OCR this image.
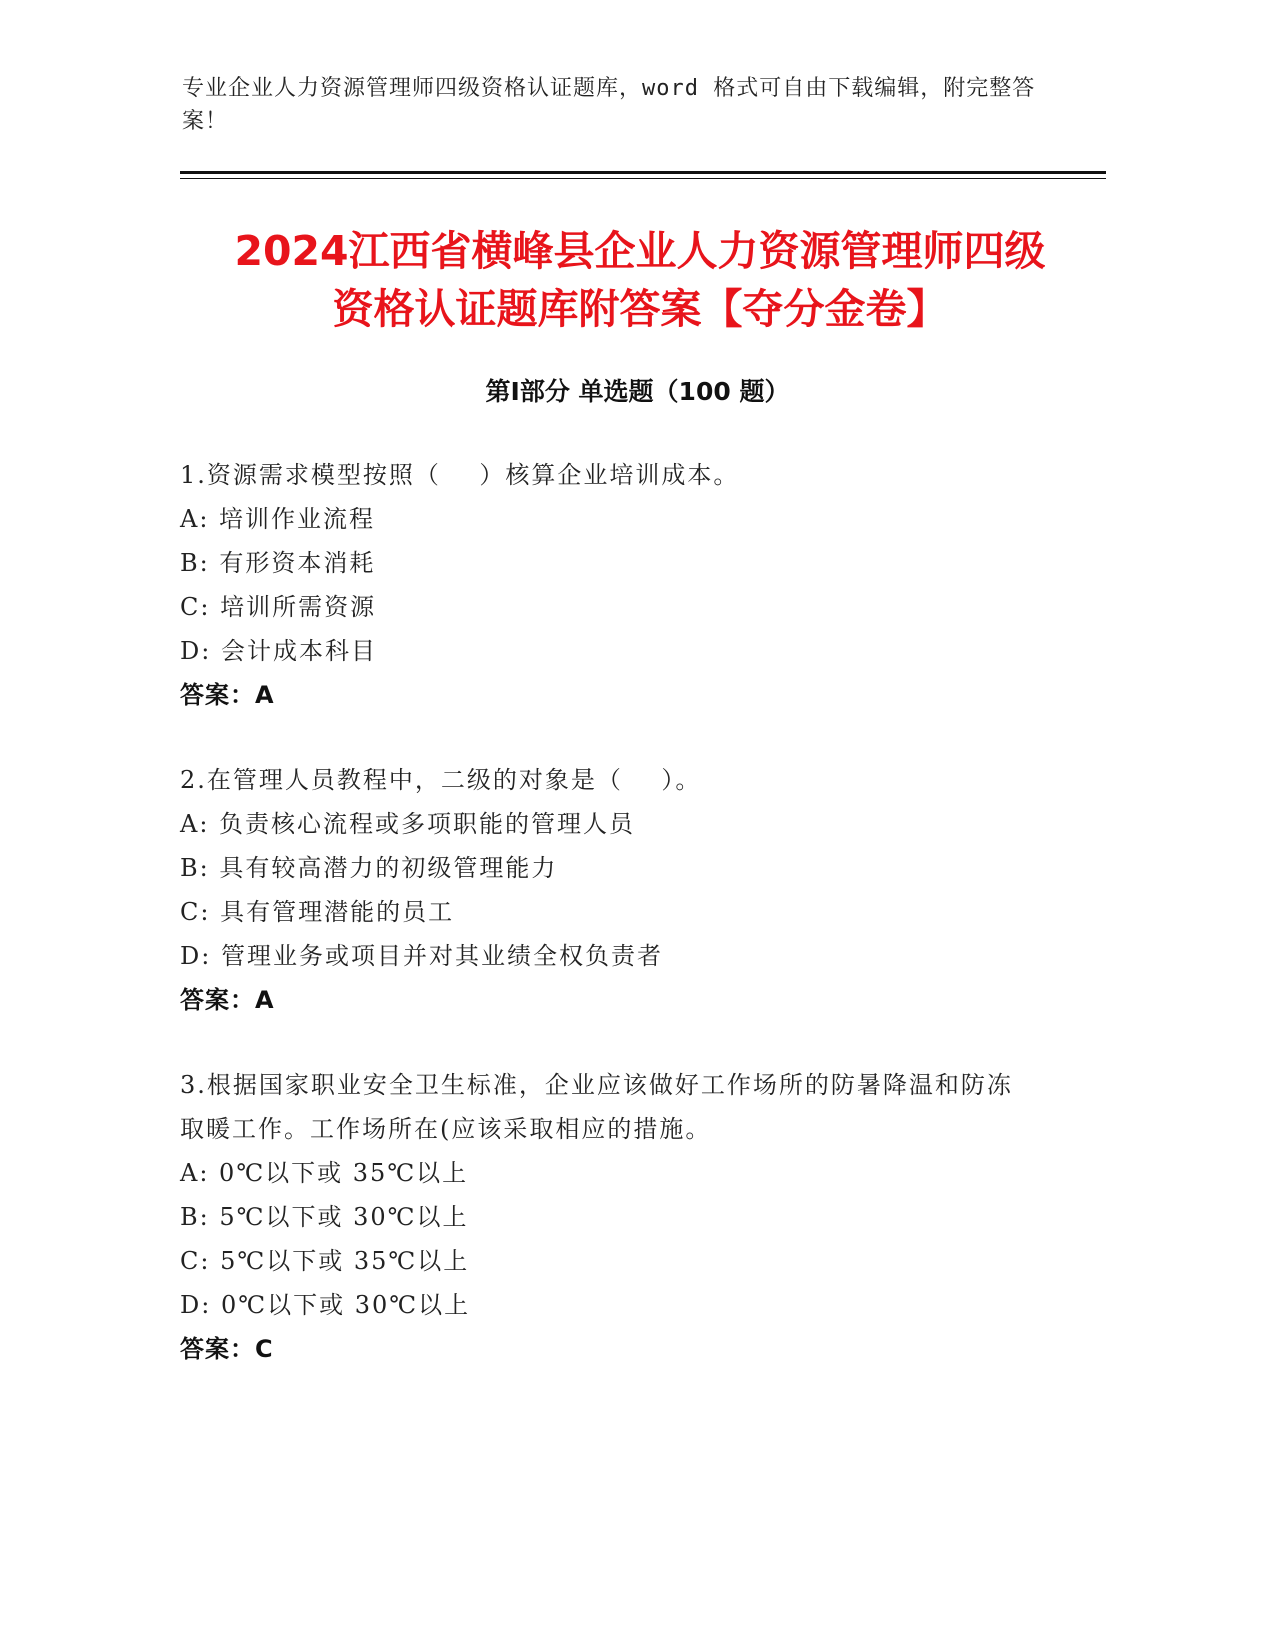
专业企业人力资源管理师四级资格认证题库，word 格式可自由下载编辑，附完整答案！
2024江西省横峰县企业人力资源管理师四级
资格认证题库附答案【夺分金卷】
第Ⅰ部分 单选题（100 题）
1.资源需求模型按照（    ）核算企业培训成本。
A: 培训作业流程
B: 有形资本消耗
C: 培训所需资源
D: 会计成本科目
答案：A
2.在管理人员教程中，二级的对象是（    ）。
A: 负责核心流程或多项职能的管理人员
B: 具有较高潜力的初级管理能力
C: 具有管理潜能的员工
D: 管理业务或项目并对其业绩全权负责者
答案：A
3.根据国家职业安全卫生标准，企业应该做好工作场所的防暑降温和防冻取暖工作。工作场所在(应该采取相应的措施。
A: 0℃以下或 35℃以上
B: 5℃以下或 30℃以上
C: 5℃以下或 35℃以上
D: 0℃以下或 30℃以上
答案：C
